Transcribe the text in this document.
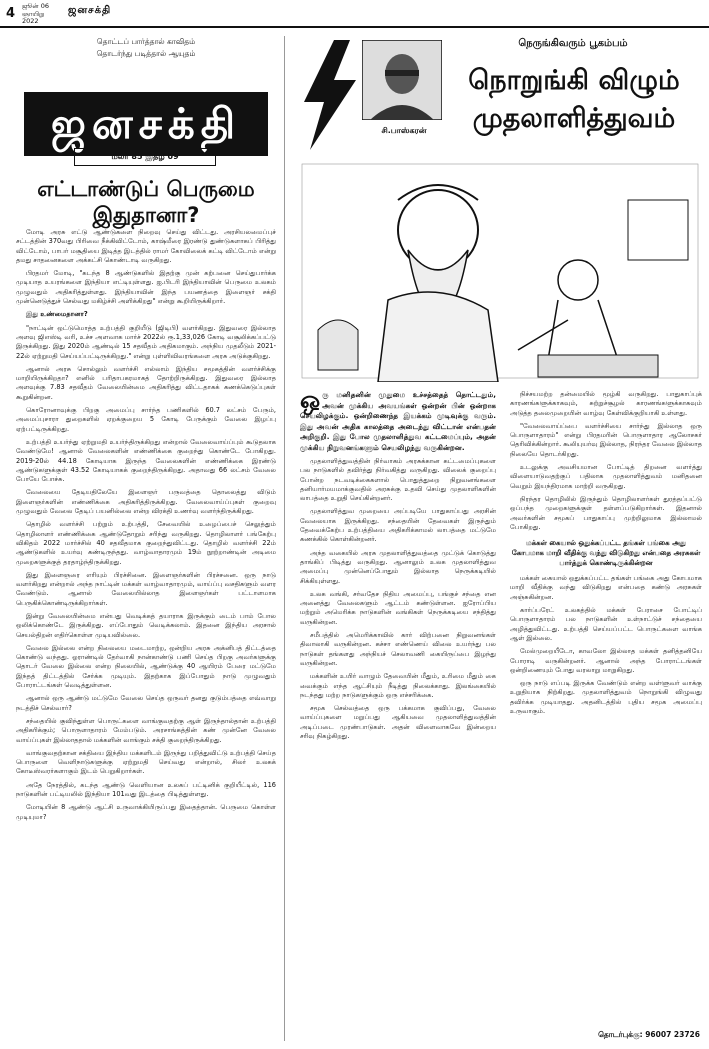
4 ஜூன் 06
ஞாயிறு
2022
ஜனசக்தி
தொட்டப் பார்த்தால் காவிதம்
தொடர்ந்து படித்தால் ஆயுதம்
ஜனசக்தி
மலர் 85 இதழ் 09
எட்டாண்டுப் பெருமை இதுதானா?

மோடி அரசு எட்டு ஆண்டுகளை நிறைவு செய்து விட்டது. அரசியலமைப்புச் சட்டத்தின் 370வது பிரிவை நீக்கிவிட்டோம், காஷ்மீரை இரண்டு துண்டுகளாகப் பிரித்து விட்டோம், பாபர் மசூதியை இடித்த இடத்தில் ராமர் கோவிலைக் கட்டி விட்டோம் என்று தமது சாதனைகளை அக்கட்சி கொண்டாடி வருகிறது.

பிரதமர் மோடி, "கடந்த 8 ஆண்டுகளில் இதற்கு முன் கற்பனை செய்துபார்க்க முடியாத உயரங்களை இந்தியா எட்டியுள்ளது. ஐ.பிடரி இந்தியாவின் பெருமை உலகம் முழுவதும் அதிகரித்துள்ளது. இந்தியாவின் இந்த பயணத்தை இளைஞர் சக்தி முன்னெடுத்துச் செல்வது மகிழ்ச்சி அளிக்கிறது" என்று கூறியிருக்கிறார்.

இது உண்மைதானா?

"நாட்டின் ஒட்டுமொத்த உற்பத்தி குறியீடு (ஜிடிபி) வளர்கிறது. இதுவரை இல்லாத அளவு ஜிஎஸ்டி வரி, உச்ச அளவாக மார்ச் 2022ல் ரூ.1,33,026 கோடி வசூலிக்கப்பட்டு இருக்கிறது. இது 2020ம் ஆண்டில் 15 சதவீதம் அதிகமாகும். அந்நிய முதலீடும் 2021-22ல் ஏற்றுமதி செய்யப்பட்டிருக்கிறது." என்று புள்ளிவிவரங்களை அரசு அடுக்குகிறது.

ஆனால் அரசு சொல்லும் வளர்ச்சி எல்லாம் இந்திய சமூகத்தின் வளர்ச்சிக்கு மாறியிருக்கிறதா? எனில் பரிதாபகரமாகத் தோற்றிருக்கிறது. இதுவரை இல்லாத அளவுக்கு 7.83 சதவீதம் வேலையின்மை அதிகரித்து விட்டதாகக் கணக்கெடுப்புகள் கூறுகின்றன.

கொரோனாவுக்கு பிறகு அமைப்பு சார்ந்த பணிகளில் 60.7 லட்சம் பேரும், அமைப்புசாரா துறைகளில் ஏறக்குறைய 5 கோடி பேருக்கும் வேலை இழப்பு ஏற்பட்டிருக்கிறது.

உற்பத்தி உயர்ந்து ஏற்றுமதி உயர்ந்திருக்கிறது என்றால் வேலைவாய்ப்பும் கூடுதலாக வேண்டுமே! ஆனால் வேலைகளின் எண்ணிக்கை குறைந்து கொண்டே போகிறது. 2019-20ல் 44.18 கோடியாக இருந்த வேலைகளின் எண்ணிக்கை இரண்டு ஆண்டுகளுக்குள் 43.52 கோடியாகக் குறைந்திருக்கிறது. அதாவது 66 லட்சம் வேலை போயே போச்சு.

வேலையை தேடியதிலேயே இளைஞர் பருவத்தை தொலைத்து விடும் இளைஞர்களின் எண்ணிக்கை அதிகரித்திருக்கிறது. வேலைவாய்ப்புகள் குறைவு முழுவதும் வேலை தேடிப் பயனில்லை என்ற விரக்தி உணர்வு வளர்ந்திருக்கிறது.

தொழில் வளர்ச்சி பற்றும் உற்பத்தி, சேவையில் உழைப்பைச் செலுத்தும் தொழிலாளர் எண்ணிக்கை ஆண்டுதோறும் சரிந்து வருகிறது. தொழிலாளர் பங்கேற்பு விகிதம் 2022 மார்ச்சில் 40 சதவீதமாக குறைந்துவிட்டது. தொழில் வளர்ச்சி 22ம் ஆண்டுகளில் உயர்வு கண்டிருந்தது. வாழ்வாதாரமும் 19ம் நூற்றாண்டின் அடிமை முறைகளுக்குத் தரதாழ்ந்திருக்கிறது.

இது இளைஞரை எரியும் பிரச்சினை. இளைஞர்களின் பிரச்சனை. ஒரு நாடு வளர்கிறது என்றால் அந்த நாட்டின் மக்கள் வாழ்வாதாரமும், வாய்ப்பு வசதிகளும் வளர வேண்டும். ஆனால் வேலையில்லாத இளைஞர்கள் பட்டாளமாக பெருகிக்கொண்டிருக்கிறார்கள்.

இன்று வேலையின்மை என்பது வெடிக்கத் தயாராக இருக்கும் டைம் பாம் போல ஒலிக்கொண்டே இருக்கிறது. எப்போதும் வெடிக்கலாம். இதனை இந்திய அரசால் செயல்திறன் எதிர்கொள்ள முடியவில்லை.

வேலை இல்லை என்ற நிலையை மடைமாற்ற, ஒன்றிய அரசு அக்னிபத் திட்டத்தை கொண்டு வந்தது. ஓராண்டில் தேர்வாகி நான்காண்டு பணி செய்த பிறகு அவர்களுக்கு தொடர் வேலை இல்லை என்ற நிலையில், ஆண்டுக்கு 40 ஆயிரம் பேரை மட்டுமே இந்தத் திட்டத்தில் சேர்க்க முடியும். இதற்காக இப்போதும் நாடு முழுவதும் போராட்டங்கள் வெடித்துள்ளன.

ஆனால் ஒரு ஆண்டு மட்டுமே வேலை செய்த ஒருவர் தனது குடும்பத்தை எவ்வாறு நடத்திச் செல்வார்?

சந்தையில் குவிந்துள்ள பொருட்களை வாங்குவதற்கு ஆள் இருந்தால்தான் உற்பத்தி அதிகரிக்கும்; பொருளாதாரம் மேம்படும். அரசாங்கத்தின் கண் முன்னே வேலை வாய்ப்புகள் இல்லாததால் மக்களின் வாங்கும் சக்தி குறைந்திருக்கிறது.

வாங்குவதற்கான சக்தியை இந்திய மக்களிடம் இருந்து பறித்துவிட்டு உற்பத்தி செய்த பொருளை வெளிநாடுகளுக்கு ஏற்றுமதி செய்வது என்றால், சிலர் உலகக் கோடீஸ்வரர்களாகும் இடம் பெறுகிறார்கள்.

அதே நேரத்தில், கடந்த ஆண்டு வெளியான உலகப் பட்டினிக் குறியீட்டில், 116 நாடுகளின் பட்டியலில் இந்தியா 101வது இடத்தை பிடித்துள்ளது.

மோடியின் 8 ஆண்டு ஆட்சி உருவாக்கியிருப்பது இதைத்தான். பெருமை கொள்ள முடியுமா?

சி.பாஸ்கரன்
நெருங்கிவரும் பூகம்பம்
நொறுங்கி விழும் முதலாளித்துவம்
ஒரு மனிதனின் முதுமை உச்சத்தைத் தொட்டதும், அவன் முக்கிய அவயங்கள் ஒன்றன் பின் ஒன்றாக செயலிழக்கும். ஒன்றிணைந்த இயக்கம் முடிவுக்கு வரும். இது அவன் அதிக காலத்தை அடைந்து விட்டான் என்பதன் அறிகுறி. இது போல முதலாளித்துவ கட்டமைப்பும், அதன் முக்கிய நிறுவனங்களும் செயலிழந்து வருகின்றன.

முதலாளித்துவத்தின் நிர்வாகம் அரசுக்கான கட்டமைப்புகளை பல நாடுகளில் தவிர்த்து நிர்வகித்து வருகிறது. விலைக் குறைப்பு போன்ற நடவடிக்கைகளால் பொதுத்துறை நிறுவனங்களை தனியார்மயமாக்குவதில் அரசுக்கு உதவி செய்து முதலாளிகளின் லாபத்தை உறுதி செய்கின்றனர்.

முதலாளித்துவ முறையை அப்படியே பாதுகாப்பது அரசின் வேலையாக இருக்கிறது. சந்தையின் தேவைகள் இருந்தும் தேவைக்கேற்ப உற்பத்தியை அதிகரிக்காமல் லாபத்தை மட்டுமே கணக்கில் கொள்கின்றனர்.

அந்த வகையில் அரசு முதலாளித்துவத்தை முட்டுக் கொடுத்து தாங்கிப் பிடித்து வருகிறது. ஆனாலும் உலக முதலாளித்துவ அமைப்பு முன்னெப்போதும் இல்லாத நெருக்கடியில் சிக்கியுள்ளது.

உலக வங்கி, சர்வதேச நிதிய அமைப்பு, பங்குச் சந்தை என அனைத்து வேலைகளும் ஆட்டம் கண்டுள்ளன. ஐரோப்பிய மற்றும் அமெரிக்க நாடுகளின் வங்கிகள் நெருக்கடியை சந்தித்து வருகின்றன.

சமீபத்தில் அமெரிக்காவில் கார் விற்பனை நிறுவனங்கள் திவாலாகி வருகின்றன. கச்சா எண்ணெய் விலை உயர்ந்து பல நாடுகள் தங்களது அந்நியச் செலாவணி கையிருப்பை இழந்து வருகின்றன.

மக்களின் உயிர் வாழும் தேவையின் மீதும், உரிமை மீதும் கை வைக்கும் எந்த ஆட்சியும் நீடித்து நிலைக்காது. இலங்கையில் நடந்தது மற்ற நாடுகளுக்கும் ஒரு எச்சரிக்கை.

சமூக செல்வத்தை ஒரு பக்கமாக குவிப்பது, வேலை வாய்ப்புகளை மறுப்பது ஆகியவை முதலாளித்துவத்தின் அடிப்படை முரண்பாடுகள். அதன் விளைவாகவே இன்றைய சரிவு நிகழ்கிறது.

நிச்சயமற்ற தன்மையில் மூழ்கி வருகிறது. பாதுகாப்புக் காரணங்களுக்காகவும், சுற்றுச்சூழல் காரணங்களுக்காகவும் அடுத்த தலைமுறையின் வாழ்வு கேள்விக்குறியாகி உள்ளது.

"வேலைவாய்ப்பை வளர்ச்சியை சார்ந்து இல்லாத ஒரு பொருளாதாரம்" என்று பிரதமரின் பொருளாதார ஆலோசகர் தெரிவிக்கின்றார். கூலியுயர்வு இல்லாத, நிரந்தர வேலை இல்லாத நிலையே தொடர்கிறது.

உடலுக்கு அவசியமான போட்டித் திறனை வளர்த்து விளையாடுவதற்குப் பதிலாக முதலாளித்துவம் மனிதனை வெறும் இயந்திரமாக மாற்றி வருகிறது.

நிரந்தர தொழிலில் இருந்தும் தொழிலாளர்கள் துரத்தப்பட்டு ஒப்பந்த முறைகளுக்குள் தள்ளப்படுகிறார்கள். இதனால் அவர்களின் சமூகப் பாதுகாப்பு முற்றிலுமாக இல்லாமல் போகிறது.

மக்கள் கையால் ஒதுக்கப்பட்ட தங்கள் பங்கை அது கோபமாக மாறி வீதிக்கு வந்து விடுகிறது என்பதை அரசுகள் பார்த்துக் கொண்டிருக்கின்றன

மக்கள் கையால் ஒதுக்கப்பட்ட தங்கள் பங்கை அது கோபமாக மாறி வீதிக்கு வந்து விடுகிறது என்பதை கண்டு அரசுகள் அஞ்சுகின்றன.

கார்ப்பரேட் உலகத்தில் மக்கள் பேராசை போட்டிப் பொருளாதாரம் பல நாடுகளின் உள்நாட்டுச் சந்தையை அழித்துவிட்டது. உற்பத்தி செய்யப்பட்ட பொருட்களை வாங்க ஆள் இல்லை.

மேல்முறையீடோ, காவலோ இல்லாத மக்கள் தனித்தனியே போராடி வருகின்றனர். ஆனால் அந்த போராட்டங்கள் ஒன்றிணையும் போது வரலாறு மாறுகிறது.

ஒரு நாடு எப்படி இருக்க வேண்டும் என்ற வள்ளுவர் வாக்கு உறுதியாக நிற்கிறது. முதலாளித்துவம் நொறுங்கி விழுவது தவிர்க்க முடியாதது. அதனிடத்தில் புதிய சமூக அமைப்பு உருவாகும்.

தொடர்புக்கு: 96007 23726
